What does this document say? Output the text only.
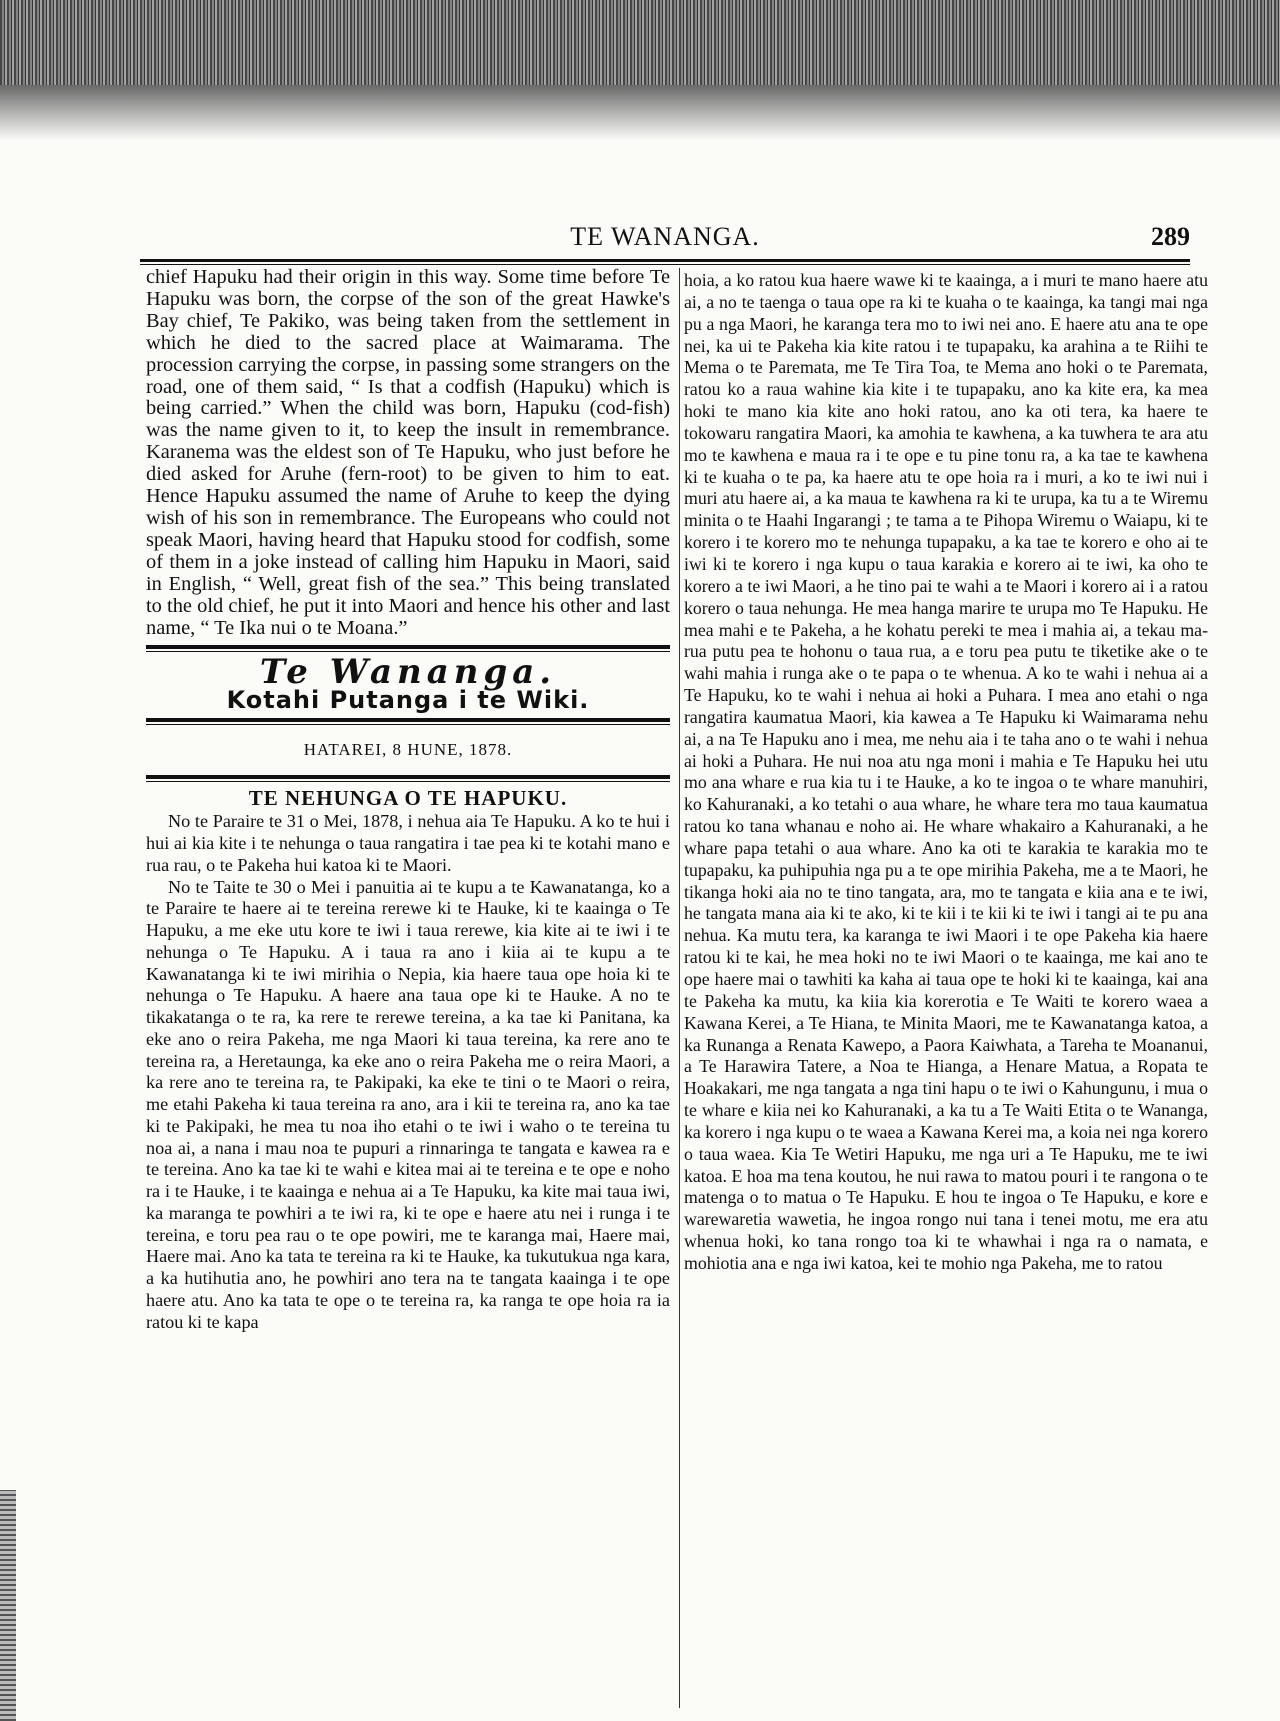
TE WANANGA.	289

chief Hapuku had their origin in this way. Some time before Te Hapuku was born, the corpse of the son of the great Hawke's Bay chief, Te Pakiko, was being taken from the settlement in which he died to the sacred place at Waimarama. The procession carrying the corpse, in passing some strangers on the road, one of them said, “ Is that a codfish (Hapuku) which is being carried.” When the child was born, Hapuku (cod-fish) was the name given to it, to keep the insult in remembrance. Karanema was the eldest son of Te Hapuku, who just before he died asked for Aruhe (fern-root) to be given to him to eat. Hence Hapuku assumed the name of Aruhe to keep the dying wish of his son in remembrance. The Europeans who could not speak Maori, having heard that Hapuku stood for codfish, some of them in a joke instead of calling him Hapuku in Maori, said in English, “ Well, great fish of the sea.” This being translated to the old chief, he put it into Maori and hence his other and last name, “ Te Ika nui o te Moana.”

Te Wananga.
Kotahi Putanga i te Wiki.
HATAREI, 8 HUNE, 1878.
TE NEHUNGA O TE HAPUKU.

No te Paraire te 31 o Mei, 1878, i nehua aia Te Hapuku. A ko te hui i hui ai kia kite i te nehunga o taua rangatira i tae pea ki te kotahi mano e rua rau, o te Pakeha hui katoa ki te Maori.

No te Taite te 30 o Mei i panuitia ai te kupu a te Kawanatanga, ko a te Paraire te haere ai te tereina rerewe ki te Hauke, ki te kaainga o Te Hapuku, a me eke utu kore te iwi i taua rerewe, kia kite ai te iwi i te nehunga o Te Hapuku. A i taua ra ano i kiia ai te kupu a te Kawanatanga ki te iwi mirihia o Nepia, kia haere taua ope hoia ki te nehunga o Te Hapuku. A haere ana taua ope ki te Hauke. A no te tikakatanga o te ra, ka rere te rerewe tereina, a ka tae ki Panitana, ka eke ano o reira Pakeha, me nga Maori ki taua tereina, ka rere ano te tereina ra, a Heretaunga, ka eke ano o reira Pakeha me o reira Maori, a ka rere ano te tereina ra, te Pakipaki, ka eke te tini o te Maori o reira, me etahi Pakeha ki taua tereina ra ano, ara i kii te tereina ra, ano ka tae ki te Pakipaki, he mea tu noa iho etahi o te iwi i waho o te tereina tu noa ai, a nana i mau noa te pupuri a rinnaringa te tangata e kawea ra e te tereina. Ano ka tae ki te wahi e kitea mai ai te tereina e te ope e noho ra i te Hauke, i te kaainga e nehua ai a Te Hapuku, ka kite mai taua iwi, ka maranga te powhiri a te iwi ra, ki te ope e haere atu nei i runga i te tereina, e toru pea rau o te ope powiri, me te karanga mai, Haere mai, Haere mai. Ano ka tata te tereina ra ki te Hauke, ka tukutukua nga kara, a ka hutihutia ano, he powhiri ano tera na te tangata kaainga i te ope haere atu. Ano ka tata te ope o te tereina ra, ka ranga te ope hoia ra ia ratou ki te kapa

hoia, a ko ratou kua haere wawe ki te kaainga, a i muri te mano haere atu ai, a no te taenga o taua ope ra ki te kuaha o te kaainga, ka tangi mai nga pu a nga Maori, he karanga tera mo to iwi nei ano. E haere atu ana te ope nei, ka ui te Pakeha kia kite ratou i te tupapaku, ka arahina a te Riihi te Mema o te Paremata, me Te Tira Toa, te Mema ano hoki o te Paremata, ratou ko a raua wahine kia kite i te tupapaku, ano ka kite era, ka mea hoki te mano kia kite ano hoki ratou, ano ka oti tera, ka haere te tokowaru rangatira Maori, ka amohia te kawhena, a ka tuwhera te ara atu mo te kawhena e maua ra i te ope e tu pine tonu ra, a ka tae te kawhena ki te kuaha o te pa, ka haere atu te ope hoia ra i muri, a ko te iwi nui i muri atu haere ai, a ka maua te kawhena ra ki te urupa, ka tu a te Wiremu minita o te Haahi Ingarangi ; te tama a te Pihopa Wiremu o Waiapu, ki te korero i te korero mo te nehunga tupapaku, a ka tae te korero e oho ai te iwi ki te korero i nga kupu o taua karakia e korero ai te iwi, ka oho te korero a te iwi Maori, a he tino pai te wahi a te Maori i korero ai i a ratou korero o taua nehunga. He mea hanga marire te urupa mo Te Hapuku. He mea mahi e te Pakeha, a he kohatu pereki te mea i mahia ai, a tekau ma-rua putu pea te hohonu o taua rua, a e toru pea putu te tiketike ake o te wahi mahia i runga ake o te papa o te whenua. A ko te wahi i nehua ai a Te Hapuku, ko te wahi i nehua ai hoki a Puhara. I mea ano etahi o nga rangatira kaumatua Maori, kia kawea a Te Hapuku ki Waimarama nehu ai, a na Te Hapuku ano i mea, me nehu aia i te taha ano o te wahi i nehua ai hoki a Puhara. He nui noa atu nga moni i mahia e Te Hapuku hei utu mo ana whare e rua kia tu i te Hauke, a ko te ingoa o te whare manuhiri, ko Kahuranaki, a ko tetahi o aua whare, he whare tera mo taua kaumatua ratou ko tana whanau e noho ai. He whare whakairo a Kahuranaki, a he whare papa tetahi o aua whare. Ano ka oti te karakia te karakia mo te tupapaku, ka puhipuhia nga pu a te ope mirihia Pakeha, me a te Maori, he tikanga hoki aia no te tino tangata, ara, mo te tangata e kiia ana e te iwi, he tangata mana aia ki te ako, ki te kii i te kii ki te iwi i tangi ai te pu ana nehua. Ka mutu tera, ka karanga te iwi Maori i te ope Pakeha kia haere ratou ki te kai, he mea hoki no te iwi Maori o te kaainga, me kai ano te ope haere mai o tawhiti ka kaha ai taua ope te hoki ki te kaainga, kai ana te Pakeha ka mutu, ka kiia kia korerotia e Te Waiti te korero waea a Kawana Kerei, a Te Hiana, te Minita Maori, me te Kawanatanga katoa, a ka Runanga a Renata Kawepo, a Paora Kaiwhata, a Tareha te Moananui, a Te Harawira Tatere, a Noa te Hianga, a Henare Matua, a Ropata te Hoakakari, me nga tangata a nga tini hapu o te iwi o Kahungunu, i mua o te whare e kiia nei ko Kahuranaki, a ka tu a Te Waiti Etita o te Wananga, ka korero i nga kupu o te waea a Kawana Kerei ma, a koia nei nga korero o taua waea. Kia Te Wetiri Hapuku, me nga uri a Te Hapuku, me te iwi katoa. E hoa ma tena koutou, he nui rawa to matou pouri i te rangona o te matenga o to matua o Te Hapuku. E hou te ingoa o Te Hapuku, e kore e warewaretia wawetia, he ingoa rongo nui tana i tenei motu, me era atu whenua hoki, ko tana rongo toa ki te whawhai i nga ra o namata, e mohiotia ana e nga iwi katoa, kei te mohio nga Pakeha, me to ratou
